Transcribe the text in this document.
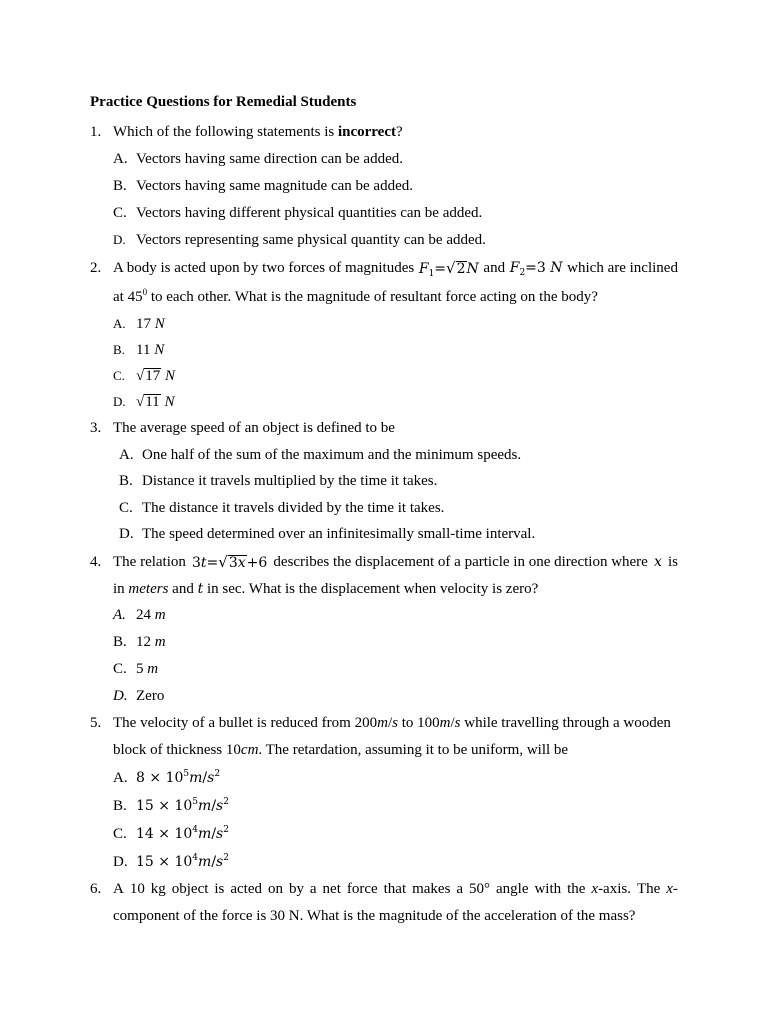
Practice Questions for Remedial Students
1. Which of the following statements is incorrect?
A. Vectors having same direction can be added.
B. Vectors having same magnitude can be added.
C. Vectors having different physical quantities can be added.
D. Vectors representing same physical quantity can be added.
2. A body is acted upon by two forces of magnitudes $F_1=√2N$ and $F_2=3$ N which are inclined
at $45^0$ to each other. What is the magnitude of resultant force acting on the body?
A. 17 N
B. 11 N
C. √17 N
D. √11 N
3. The average speed of an object is defined to be
A. One half of the sum of the maximum and the minimum speeds.
B. Distance it travels multiplied by the time it takes.
C. The distance it travels divided by the time it takes.
D. The speed determined over an infinitesimally small-time interval.
4. The relation 3t=√3x+6 describes the displacement of a particle in one direction where x is
in meters and t in sec. What is the displacement when velocity is zero?
A. 24 m
B. 12 m
C. 5 m
D. Zero
5. The velocity of a bullet is reduced from 200m/s to 100m/s while travelling through a wooden
block of thickness 10cm. The retardation, assuming it to be uniform, will be
A. $8 \times 10^5m/s^2$
B. $15 \times 10^5m/s^2$
C. $14 \times 10^4m/s^2$
D. $15 \times 10^4m/s^2$
6. A 10 kg object is acted on by a net force that makes a 50° angle with the x-axis. The x-
component of the force is 30 N. What is the magnitude of the acceleration of the mass?
